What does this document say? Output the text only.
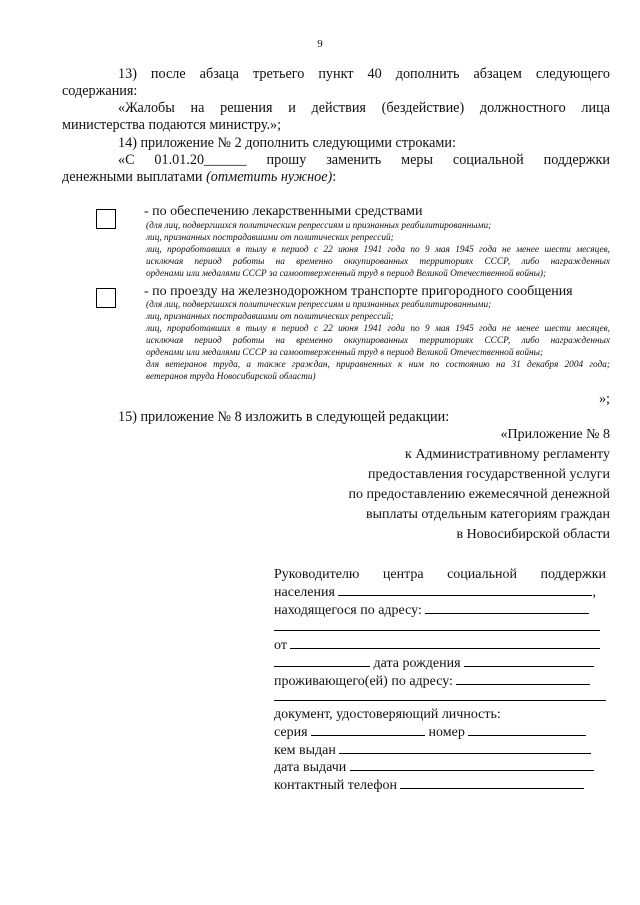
9
13) после абзаца третьего пункт 40 дополнить абзацем следующего
содержания:
«Жалобы на решения и действия (бездействие) должностного лица
министерства подаются министру.»;
14) приложение № 2 дополнить следующими строками:
«С 01.01.20______ прошу заменить меры социальной поддержки
денежными выплатами (отметить нужное):
- по обеспечению лекарственными средствами
(для лиц, подвергшихся политическим репрессиям и признанных реабилитированными;
лиц, признанных пострадавшими от политических репрессий;
лиц, проработавших в тылу в период с 22 июня 1941 года по 9 мая 1945 года не менее шести месяцев,
исключая период работы на временно оккупированных территориях СССР, либо награжденных
орденами или медалями СССР за самоотверженный труд в период Великой Отечественной войны);
- по проезду на железнодорожном транспорте пригородного сообщения
(для лиц, подвергшихся политическим репрессиям и признанных реабилитированными;
лиц, признанных пострадавшими от политических репрессий;
лиц, проработавших в тылу в период с 22 июня 1941 года по 9 мая 1945 года не менее шести месяцев,
исключая период работы на временно оккупированных территориях СССР, либо награжденных
орденами или медалями СССР за самоотверженный труд в период Великой Отечественной войны;
для ветеранов труда, а также граждан, приравненных к ним по состоянию на 31 декабря 2004 года;
ветеранов труда Новосибирской области)
»;
15) приложение № 8 изложить в следующей редакции:
«Приложение № 8
к Административному регламенту
предоставления государственной услуги
по предоставлению ежемесячной денежной
выплаты отдельным категориям граждан
в Новосибирской области
Руководителю центра социальной поддержки
населения	,
находящегося по адресу:
от
дата рождения
проживающего(ей) по адресу:
документ, удостоверяющий личность:
серия	номер
кем выдан
дата выдачи
контактный телефон
